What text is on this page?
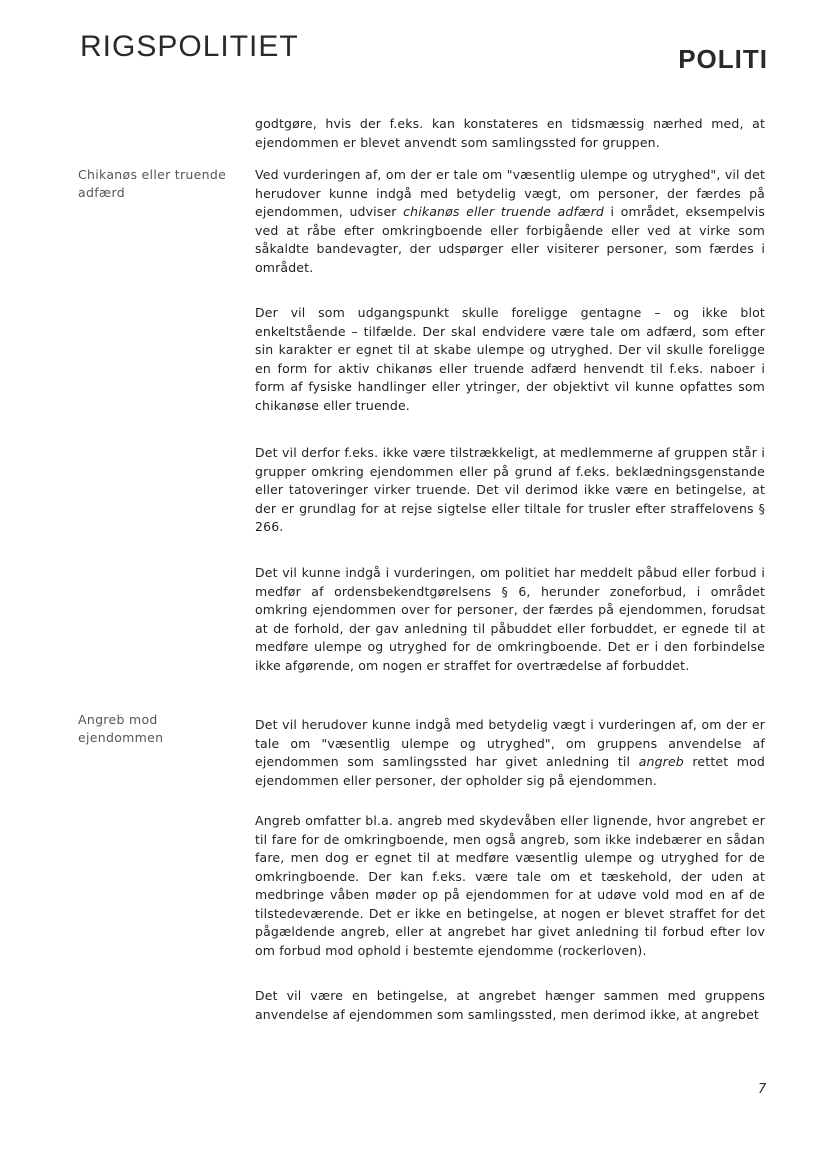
RIGSPOLITIET	POLITI
godtgøre, hvis der f.eks. kan konstateres en tidsmæssig nærhed med, at ejendommen er blevet anvendt som samlingssted for gruppen.
Chikanøs eller truende adfærd
Ved vurderingen af, om der er tale om "væsentlig ulempe og utryghed", vil det herudover kunne indgå med betydelig vægt, om personer, der færdes på ejendommen, udviser chikanøs eller truende adfærd i området, eksempelvis ved at råbe efter omkringboende eller forbigående eller ved at virke som såkaldte bandevagter, der udspørger eller visiterer personer, som færdes i området.
Der vil som udgangspunkt skulle foreligge gentagne – og ikke blot enkeltstående – tilfælde. Der skal endvidere være tale om adfærd, som efter sin karakter er egnet til at skabe ulempe og utryghed. Der vil skulle foreligge en form for aktiv chikanøs eller truende adfærd henvendt til f.eks. naboer i form af fysiske handlinger eller ytringer, der objektivt vil kunne opfattes som chikanøse eller truende.
Det vil derfor f.eks. ikke være tilstrækkeligt, at medlemmerne af gruppen står i grupper omkring ejendommen eller på grund af f.eks. beklædningsgenstande eller tatoveringer virker truende. Det vil derimod ikke være en betingelse, at der er grundlag for at rejse sigtelse eller tiltale for trusler efter straffelovens § 266.
Det vil kunne indgå i vurderingen, om politiet har meddelt påbud eller forbud i medfør af ordensbekendtgørelsens § 6, herunder zoneforbud, i området omkring ejendommen over for personer, der færdes på ejendommen, forudsat at de forhold, der gav anledning til påbuddet eller forbuddet, er egnede til at medføre ulempe og utryghed for de omkringboende. Det er i den forbindelse ikke afgørende, om nogen er straffet for overtrædelse af forbuddet.
Angreb mod ejendommen
Det vil herudover kunne indgå med betydelig vægt i vurderingen af, om der er tale om "væsentlig ulempe og utryghed", om gruppens anvendelse af ejendommen som samlingssted har givet anledning til angreb rettet mod ejendommen eller personer, der opholder sig på ejendommen.
Angreb omfatter bl.a. angreb med skydevåben eller lignende, hvor angrebet er til fare for de omkringboende, men også angreb, som ikke indebærer en sådan fare, men dog er egnet til at medføre væsentlig ulempe og utryghed for de omkringboende. Der kan f.eks. være tale om et tæskehold, der uden at medbringe våben møder op på ejendommen for at udøve vold mod en af de tilstedeværende. Det er ikke en betingelse, at nogen er blevet straffet for det pågældende angreb, eller at angrebet har givet anledning til forbud efter lov om forbud mod ophold i bestemte ejendomme (rockerloven).
Det vil være en betingelse, at angrebet hænger sammen med gruppens anvendelse af ejendommen som samlingssted, men derimod ikke, at angrebet
7
